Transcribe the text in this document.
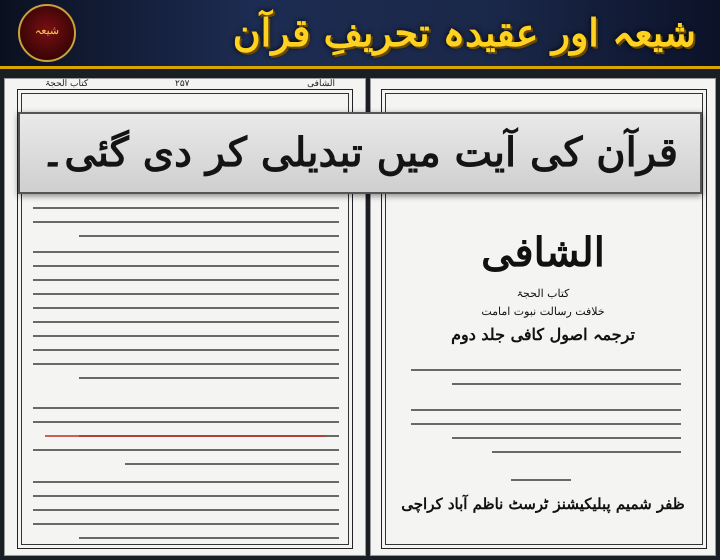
شیعہ	شیعہ اور عقیدہ تحریفِ قرآن
الشافی
۲۵۷
کتاب الحجۃ
الشافی
کتاب الحجۃ
خلافت رسالت نبوت امامت
ترجمہ اصول کافی جلد دوم
ظفر شمیم پبلیکیشنز ٹرسٹ ناظم آباد کراچی
قرآن کی آیت میں تبدیلی کر دی گئی۔
